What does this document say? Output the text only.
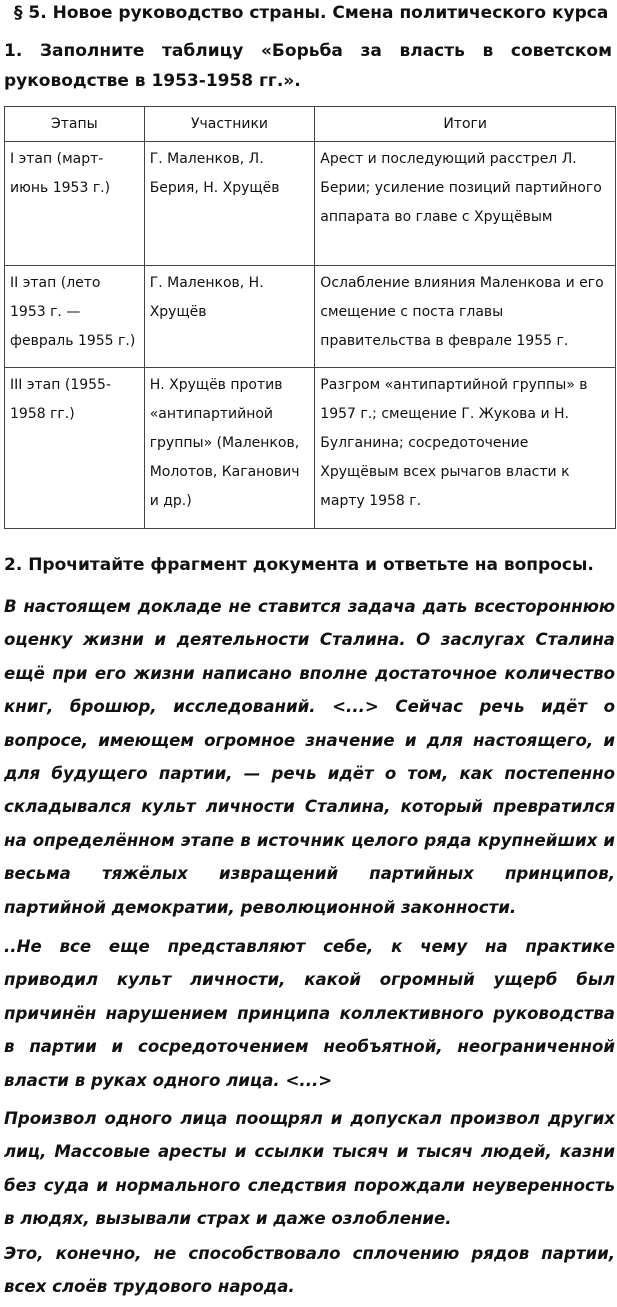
§ 5. Новое руководство страны. Смена политического курса
1. Заполните таблицу «Борьба за власть в советском руководстве в 1953-1958 гг.».
Этапы	Участники	Итоги
I этап (март-июнь 1953 г.)	Г. Маленков, Л. Берия, Н. Хрущёв	Арест и последующий расстрел Л. Берии; усиление позиций партийного аппарата во главе с Хрущёвым
II этап (лето 1953 г. — февраль 1955 г.)	Г. Маленков, Н. Хрущёв	Ослабление влияния Маленкова и его смещение с поста главы правительства в феврале 1955 г.
III этап (1955-1958 гг.)	Н. Хрущёв против «антипартийной группы» (Маленков, Молотов, Каганович и др.)	Разгром «антипартийной группы» в 1957 г.; смещение Г. Жукова и Н. Булганина; сосредоточение Хрущёвым всех рычагов власти к марту 1958 г.
2. Прочитайте фрагмент документа и ответьте на вопросы.
В настоящем докладе не ставится задача дать всестороннюю оценку жизни и деятельности Сталина. О заслугах Сталина ещё при его жизни написано вполне достаточное количество книг, брошюр, исследований. <...> Сейчас речь идёт о вопросе, имеющем огромное значение и для настоящего, и для будущего партии, — речь идёт о том, как постепенно складывался культ личности Сталина, который превратился на определённом этапе в источник целого ряда крупнейших и весьма тяжёлых извращений партийных принципов, партийной демократии, революционной законности.
..Не все еще представляют себе, к чему на практике приводил культ личности, какой огромный ущерб был причинён нарушением принципа коллективного руководства в партии и сосредоточением необъятной, неограниченной власти в руках одного лица. <...>
Произвол одного лица поощрял и допускал произвол других лиц, Массовые аресты и ссылки тысяч и тысяч людей, казни без суда и нормального следствия порождали неуверенность в людях, вызывали страх и даже озлобление.
Это, конечно, не способствовало сплочению рядов партии, всех слоёв трудового народа.
